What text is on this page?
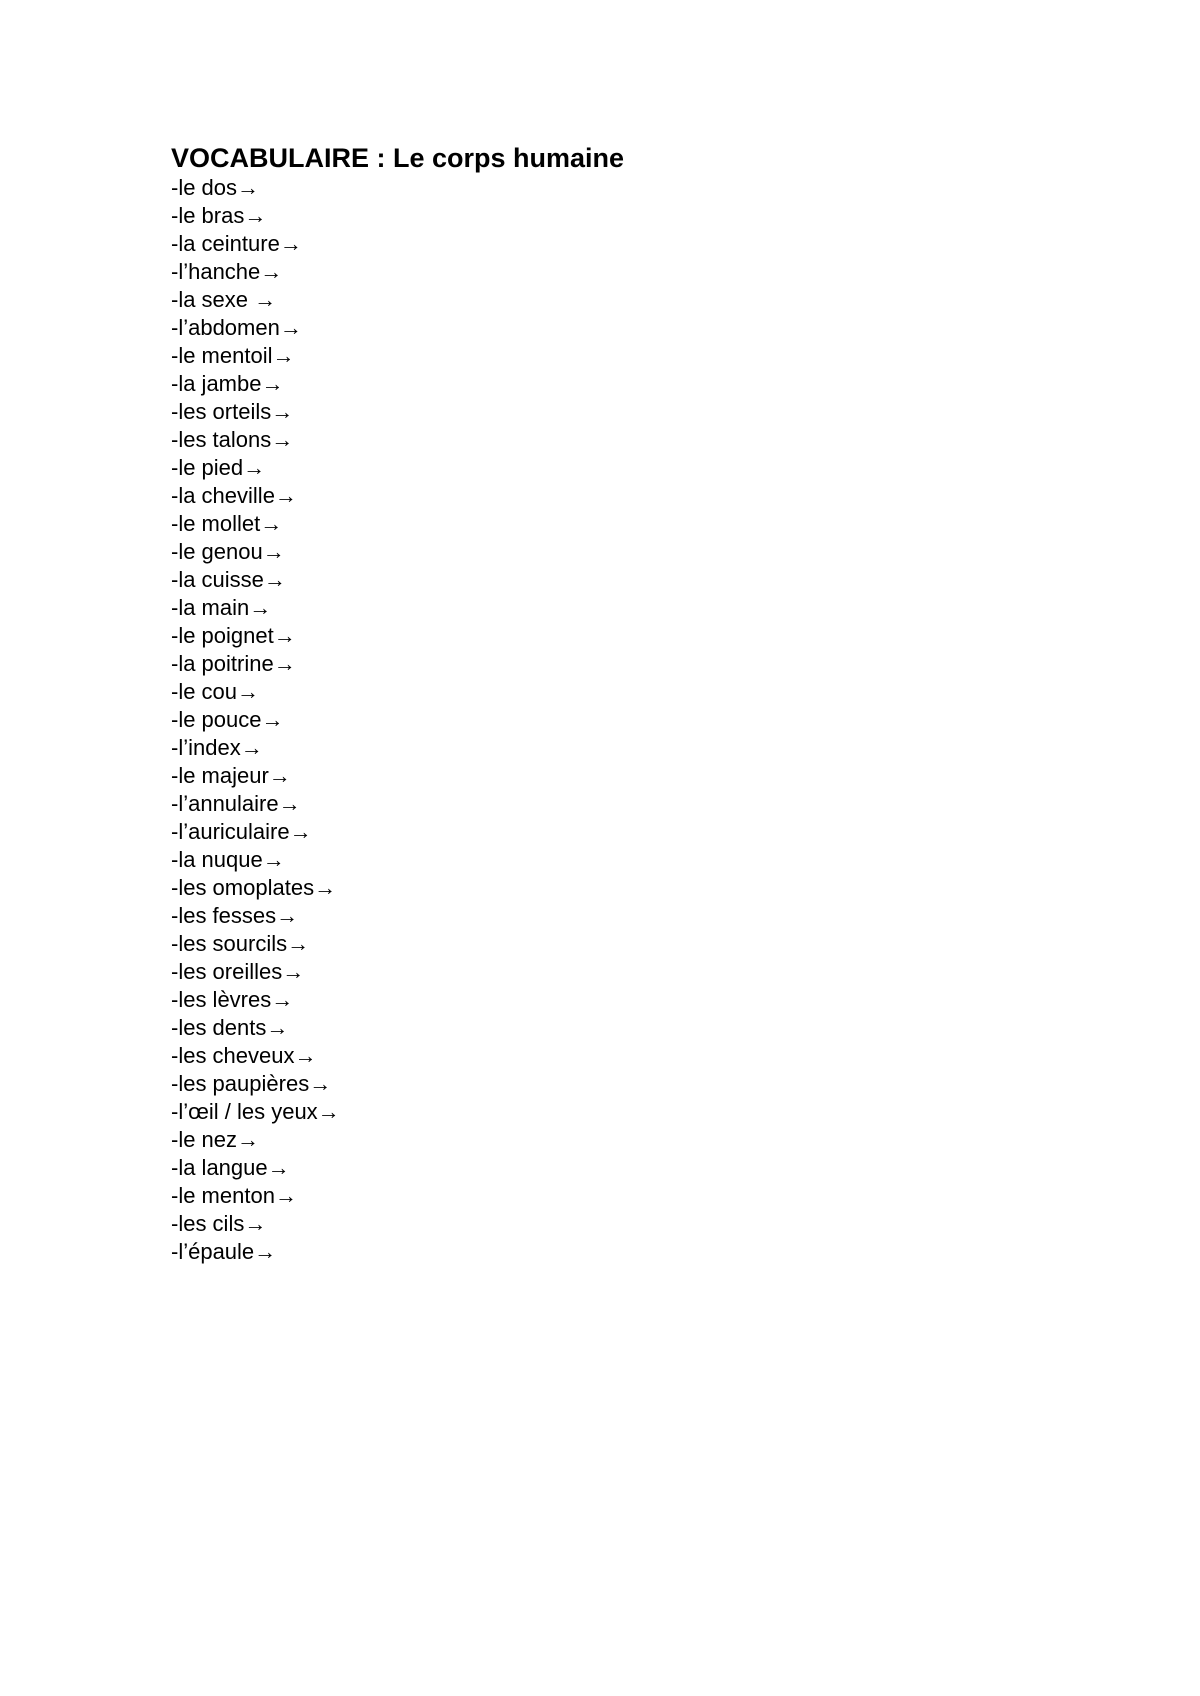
VOCABULAIRE : Le corps humaine
-le dos→
-le bras→
-la ceinture→
-l’hanche→
-la sexe →
-l’abdomen→
-le mentoil→
-la jambe→
-les orteils→
-les talons→
-le pied→
-la cheville→
-le mollet→
-le genou→
-la cuisse→
-la main→
-le poignet→
-la poitrine→
-le cou→
-le pouce→
-l’index→
-le majeur→
-l’annulaire→
-l’auriculaire→
-la nuque→
-les omoplates→
-les fesses→
-les sourcils→
-les oreilles→
-les lèvres→
-les dents→
-les cheveux→
-les paupières→
-l’œil / les yeux→
-le nez→
-la langue→
-le menton→
-les cils→
-l’épaule→
